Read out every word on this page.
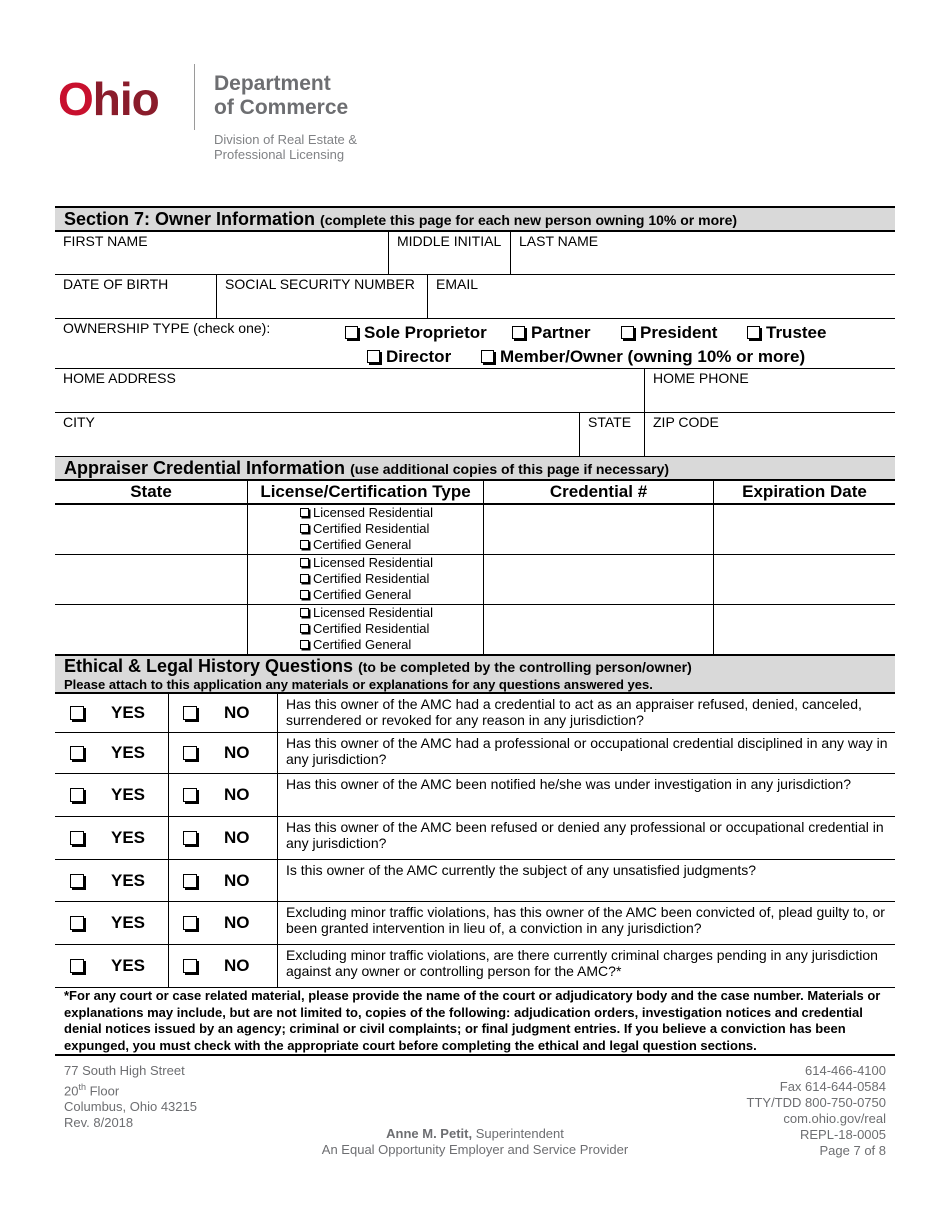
Ohio	Department
of Commerce
Division of Real Estate &
Professional Licensing
Section 7: Owner Information (complete this page for each new person owning 10% or more)
FIRST NAME	MIDDLE INITIAL	LAST NAME
DATE OF BIRTH	SOCIAL SECURITY NUMBER	EMAIL
OWNERSHIP TYPE (check one):	Sole Proprietor	Partner	President	Trustee
Director	Member/Owner (owning 10% or more)
HOME ADDRESS	HOME PHONE
CITY	STATE	ZIP CODE
Appraiser Credential Information (use additional copies of this page if necessary)
State	License/Certification Type	Credential #	Expiration Date
Licensed Residential
Certified Residential
Certified General
Licensed Residential
Certified Residential
Certified General
Licensed Residential
Certified Residential
Certified General
Ethical & Legal History Questions (to be completed by the controlling person/owner)
Please attach to this application any materials or explanations for any questions answered yes.
YES	NO	Has this owner of the AMC had a credential to act as an appraiser refused, denied, canceled, surrendered or revoked for any reason in any jurisdiction?
YES	NO	Has this owner of the AMC had a professional or occupational credential disciplined in any way in any jurisdiction?
YES	NO
Has this owner of the AMC been notified he/she was under investigation in any jurisdiction?
YES	NO
Has this owner of the AMC been refused or denied any professional or occupational credential in any jurisdiction?
YES	NO
Is this owner of the AMC currently the subject of any unsatisfied judgments?
YES	NO
Excluding minor traffic violations, has this owner of the AMC been convicted of, plead guilty to, or been granted intervention in lieu of, a conviction in any jurisdiction?
YES	NO
Excluding minor traffic violations, are there currently criminal charges pending in any jurisdiction against any owner or controlling person for the AMC?*
*For any court or case related material, please provide the name of the court or adjudicatory body and the case number. Materials or explanations may include, but are not limited to, copies of the following: adjudication orders, investigation notices and credential denial notices issued by an agency; criminal or civil complaints; or final judgment entries. If you believe a conviction has been expunged, you must check with the appropriate court before completing the ethical and legal question sections.
77 South High Street
20th Floor
Columbus, Ohio 43215
Rev. 8/2018
614-466-4100
Fax 614-644-0584
TTY/TDD 800-750-0750
com.ohio.gov/real
REPL-18-0005
Page 7 of 8
Anne M. Petit, Superintendent
An Equal Opportunity Employer and Service Provider
